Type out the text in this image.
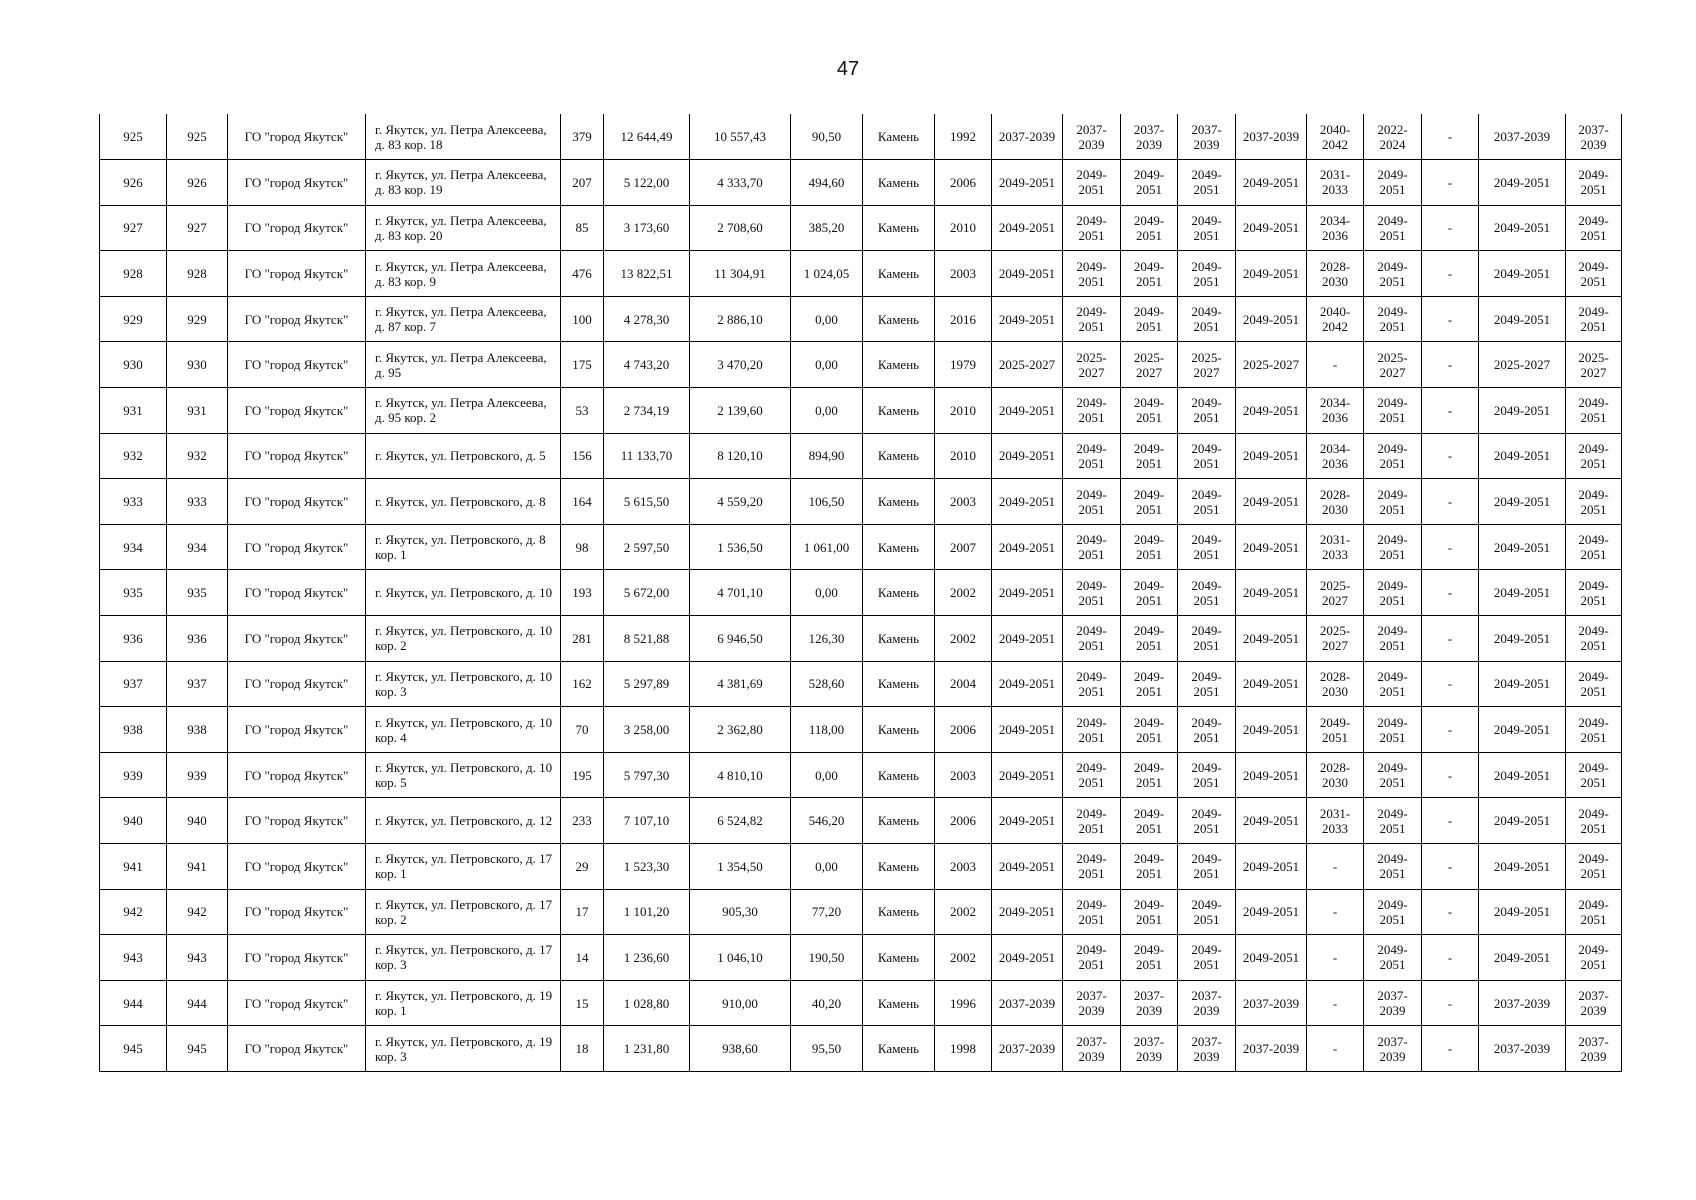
47
925	925	ГО "город Якутск"	г. Якутск, ул. Петра Алексеева, д. 83 кор. 18	379	12 644,49	10 557,43	90,50	Камень	1992	2037-2039	2037-2039	2037-2039	2037-2039	2037-2039	2040-2042	2022-2024	-	2037-2039	2037-2039
926	926	ГО "город Якутск"	г. Якутск, ул. Петра Алексеева, д. 83 кор. 19	207	5 122,00	4 333,70	494,60	Камень	2006	2049-2051	2049-2051	2049-2051	2049-2051	2049-2051	2031-2033	2049-2051	-	2049-2051	2049-2051
927	927	ГО "город Якутск"	г. Якутск, ул. Петра Алексеева, д. 83 кор. 20	85	3 173,60	2 708,60	385,20	Камень	2010	2049-2051	2049-2051	2049-2051	2049-2051	2049-2051	2034-2036	2049-2051	-	2049-2051	2049-2051
928	928	ГО "город Якутск"	г. Якутск, ул. Петра Алексеева, д. 83 кор. 9	476	13 822,51	11 304,91	1 024,05	Камень	2003	2049-2051	2049-2051	2049-2051	2049-2051	2049-2051	2028-2030	2049-2051	-	2049-2051	2049-2051
929	929	ГО "город Якутск"	г. Якутск, ул. Петра Алексеева, д. 87 кор. 7	100	4 278,30	2 886,10	0,00	Камень	2016	2049-2051	2049-2051	2049-2051	2049-2051	2049-2051	2040-2042	2049-2051	-	2049-2051	2049-2051
930	930	ГО "город Якутск"	г. Якутск, ул. Петра Алексеева, д. 95	175	4 743,20	3 470,20	0,00	Камень	1979	2025-2027	2025-2027	2025-2027	2025-2027	2025-2027	-	2025-2027	-	2025-2027	2025-2027
931	931	ГО "город Якутск"	г. Якутск, ул. Петра Алексеева, д. 95 кор. 2	53	2 734,19	2 139,60	0,00	Камень	2010	2049-2051	2049-2051	2049-2051	2049-2051	2049-2051	2034-2036	2049-2051	-	2049-2051	2049-2051
932	932	ГО "город Якутск"	г. Якутск, ул. Петровского, д. 5	156	11 133,70	8 120,10	894,90	Камень	2010	2049-2051	2049-2051	2049-2051	2049-2051	2049-2051	2034-2036	2049-2051	-	2049-2051	2049-2051
933	933	ГО "город Якутск"	г. Якутск, ул. Петровского, д. 8	164	5 615,50	4 559,20	106,50	Камень	2003	2049-2051	2049-2051	2049-2051	2049-2051	2049-2051	2028-2030	2049-2051	-	2049-2051	2049-2051
934	934	ГО "город Якутск"	г. Якутск, ул. Петровского, д. 8 кор. 1	98	2 597,50	1 536,50	1 061,00	Камень	2007	2049-2051	2049-2051	2049-2051	2049-2051	2049-2051	2031-2033	2049-2051	-	2049-2051	2049-2051
935	935	ГО "город Якутск"	г. Якутск, ул. Петровского, д. 10	193	5 672,00	4 701,10	0,00	Камень	2002	2049-2051	2049-2051	2049-2051	2049-2051	2049-2051	2025-2027	2049-2051	-	2049-2051	2049-2051
936	936	ГО "город Якутск"	г. Якутск, ул. Петровского, д. 10 кор. 2	281	8 521,88	6 946,50	126,30	Камень	2002	2049-2051	2049-2051	2049-2051	2049-2051	2049-2051	2025-2027	2049-2051	-	2049-2051	2049-2051
937	937	ГО "город Якутск"	г. Якутск, ул. Петровского, д. 10 кор. 3	162	5 297,89	4 381,69	528,60	Камень	2004	2049-2051	2049-2051	2049-2051	2049-2051	2049-2051	2028-2030	2049-2051	-	2049-2051	2049-2051
938	938	ГО "город Якутск"	г. Якутск, ул. Петровского, д. 10 кор. 4	70	3 258,00	2 362,80	118,00	Камень	2006	2049-2051	2049-2051	2049-2051	2049-2051	2049-2051	2049-2051	2049-2051	-	2049-2051	2049-2051
939	939	ГО "город Якутск"	г. Якутск, ул. Петровского, д. 10 кор. 5	195	5 797,30	4 810,10	0,00	Камень	2003	2049-2051	2049-2051	2049-2051	2049-2051	2049-2051	2028-2030	2049-2051	-	2049-2051	2049-2051
940	940	ГО "город Якутск"	г. Якутск, ул. Петровского, д. 12	233	7 107,10	6 524,82	546,20	Камень	2006	2049-2051	2049-2051	2049-2051	2049-2051	2049-2051	2031-2033	2049-2051	-	2049-2051	2049-2051
941	941	ГО "город Якутск"	г. Якутск, ул. Петровского, д. 17 кор. 1	29	1 523,30	1 354,50	0,00	Камень	2003	2049-2051	2049-2051	2049-2051	2049-2051	2049-2051	-	2049-2051	-	2049-2051	2049-2051
942	942	ГО "город Якутск"	г. Якутск, ул. Петровского, д. 17 кор. 2	17	1 101,20	905,30	77,20	Камень	2002	2049-2051	2049-2051	2049-2051	2049-2051	2049-2051	-	2049-2051	-	2049-2051	2049-2051
943	943	ГО "город Якутск"	г. Якутск, ул. Петровского, д. 17 кор. 3	14	1 236,60	1 046,10	190,50	Камень	2002	2049-2051	2049-2051	2049-2051	2049-2051	2049-2051	-	2049-2051	-	2049-2051	2049-2051
944	944	ГО "город Якутск"	г. Якутск, ул. Петровского, д. 19 кор. 1	15	1 028,80	910,00	40,20	Камень	1996	2037-2039	2037-2039	2037-2039	2037-2039	2037-2039	-	2037-2039	-	2037-2039	2037-2039
945	945	ГО "город Якутск"	г. Якутск, ул. Петровского, д. 19 кор. 3	18	1 231,80	938,60	95,50	Камень	1998	2037-2039	2037-2039	2037-2039	2037-2039	2037-2039	-	2037-2039	-	2037-2039	2037-2039
